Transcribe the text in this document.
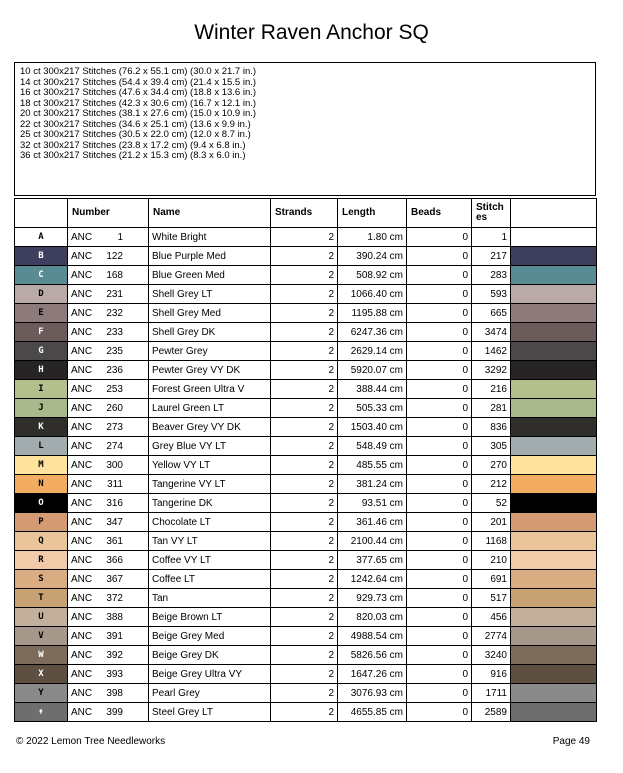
Winter Raven Anchor SQ
10 ct 300x217 Stitches (76.2 x 55.1 cm) (30.0 x 21.7 in.)
14 ct 300x217 Stitches (54.4 x 39.4 cm) (21.4 x 15.5 in.)
16 ct 300x217 Stitches (47.6 x 34.4 cm) (18.8 x 13.6 in.)
18 ct 300x217 Stitches (42.3 x 30.6 cm) (16.7 x 12.1 in.)
20 ct 300x217 Stitches (38.1 x 27.6 cm) (15.0 x 10.9 in.)
22 ct 300x217 Stitches (34.6 x 25.1 cm) (13.6 x 9.9 in.)
25 ct 300x217 Stitches (30.5 x 22.0 cm) (12.0 x 8.7 in.)
32 ct 300x217 Stitches (23.8 x 17.2 cm) (9.4 x 6.8 in.)
36 ct 300x217 Stitches (21.2 x 15.3 cm) (8.3 x 6.0 in.)
	Number	Name	Strands	Length	Beads	Stitch es	
A	ANC 1	White Bright	2	1.80 cm	0	1	
B	ANC 122	Blue Purple Med	2	390.24 cm	0	217	
C	ANC 168	Blue Green Med	2	508.92 cm	0	283	
D	ANC 231	Shell Grey LT	2	1066.40 cm	0	593	
E	ANC 232	Shell Grey Med	2	1195.88 cm	0	665	
F	ANC 233	Shell Grey DK	2	6247.36 cm	0	3474	
G	ANC 235	Pewter Grey	2	2629.14 cm	0	1462	
H	ANC 236	Pewter Grey VY DK	2	5920.07 cm	0	3292	
I	ANC 253	Forest Green Ultra V	2	388.44 cm	0	216	
J	ANC 260	Laurel Green LT	2	505.33 cm	0	281	
K	ANC 273	Beaver Grey VY DK	2	1503.40 cm	0	836	
L	ANC 274	Grey Blue VY LT	2	548.49 cm	0	305	
M	ANC 300	Yellow VY LT	2	485.55 cm	0	270	
N	ANC 311	Tangerine VY LT	2	381.24 cm	0	212	
O	ANC 316	Tangerine DK	2	93.51 cm	0	52	
P	ANC 347	Chocolate LT	2	361.46 cm	0	201	
Q	ANC 361	Tan VY LT	2	2100.44 cm	0	1168	
R	ANC 366	Coffee VY LT	2	377.65 cm	0	210	
S	ANC 367	Coffee LT	2	1242.64 cm	0	691	
T	ANC 372	Tan	2	929.73 cm	0	517	
U	ANC 388	Beige Brown LT	2	820.03 cm	0	456	
V	ANC 391	Beige Grey Med	2	4988.54 cm	0	2774	
W	ANC 392	Beige Grey DK	2	5826.56 cm	0	3240	
X	ANC 393	Beige Grey Ultra VY	2	1647.26 cm	0	916	
Y	ANC 398	Pearl Grey	2	3076.93 cm	0	1711	
↟	ANC 399	Steel Grey LT	2	4655.85 cm	0	2589	
© 2022 Lemon Tree Needleworks	Page 49
